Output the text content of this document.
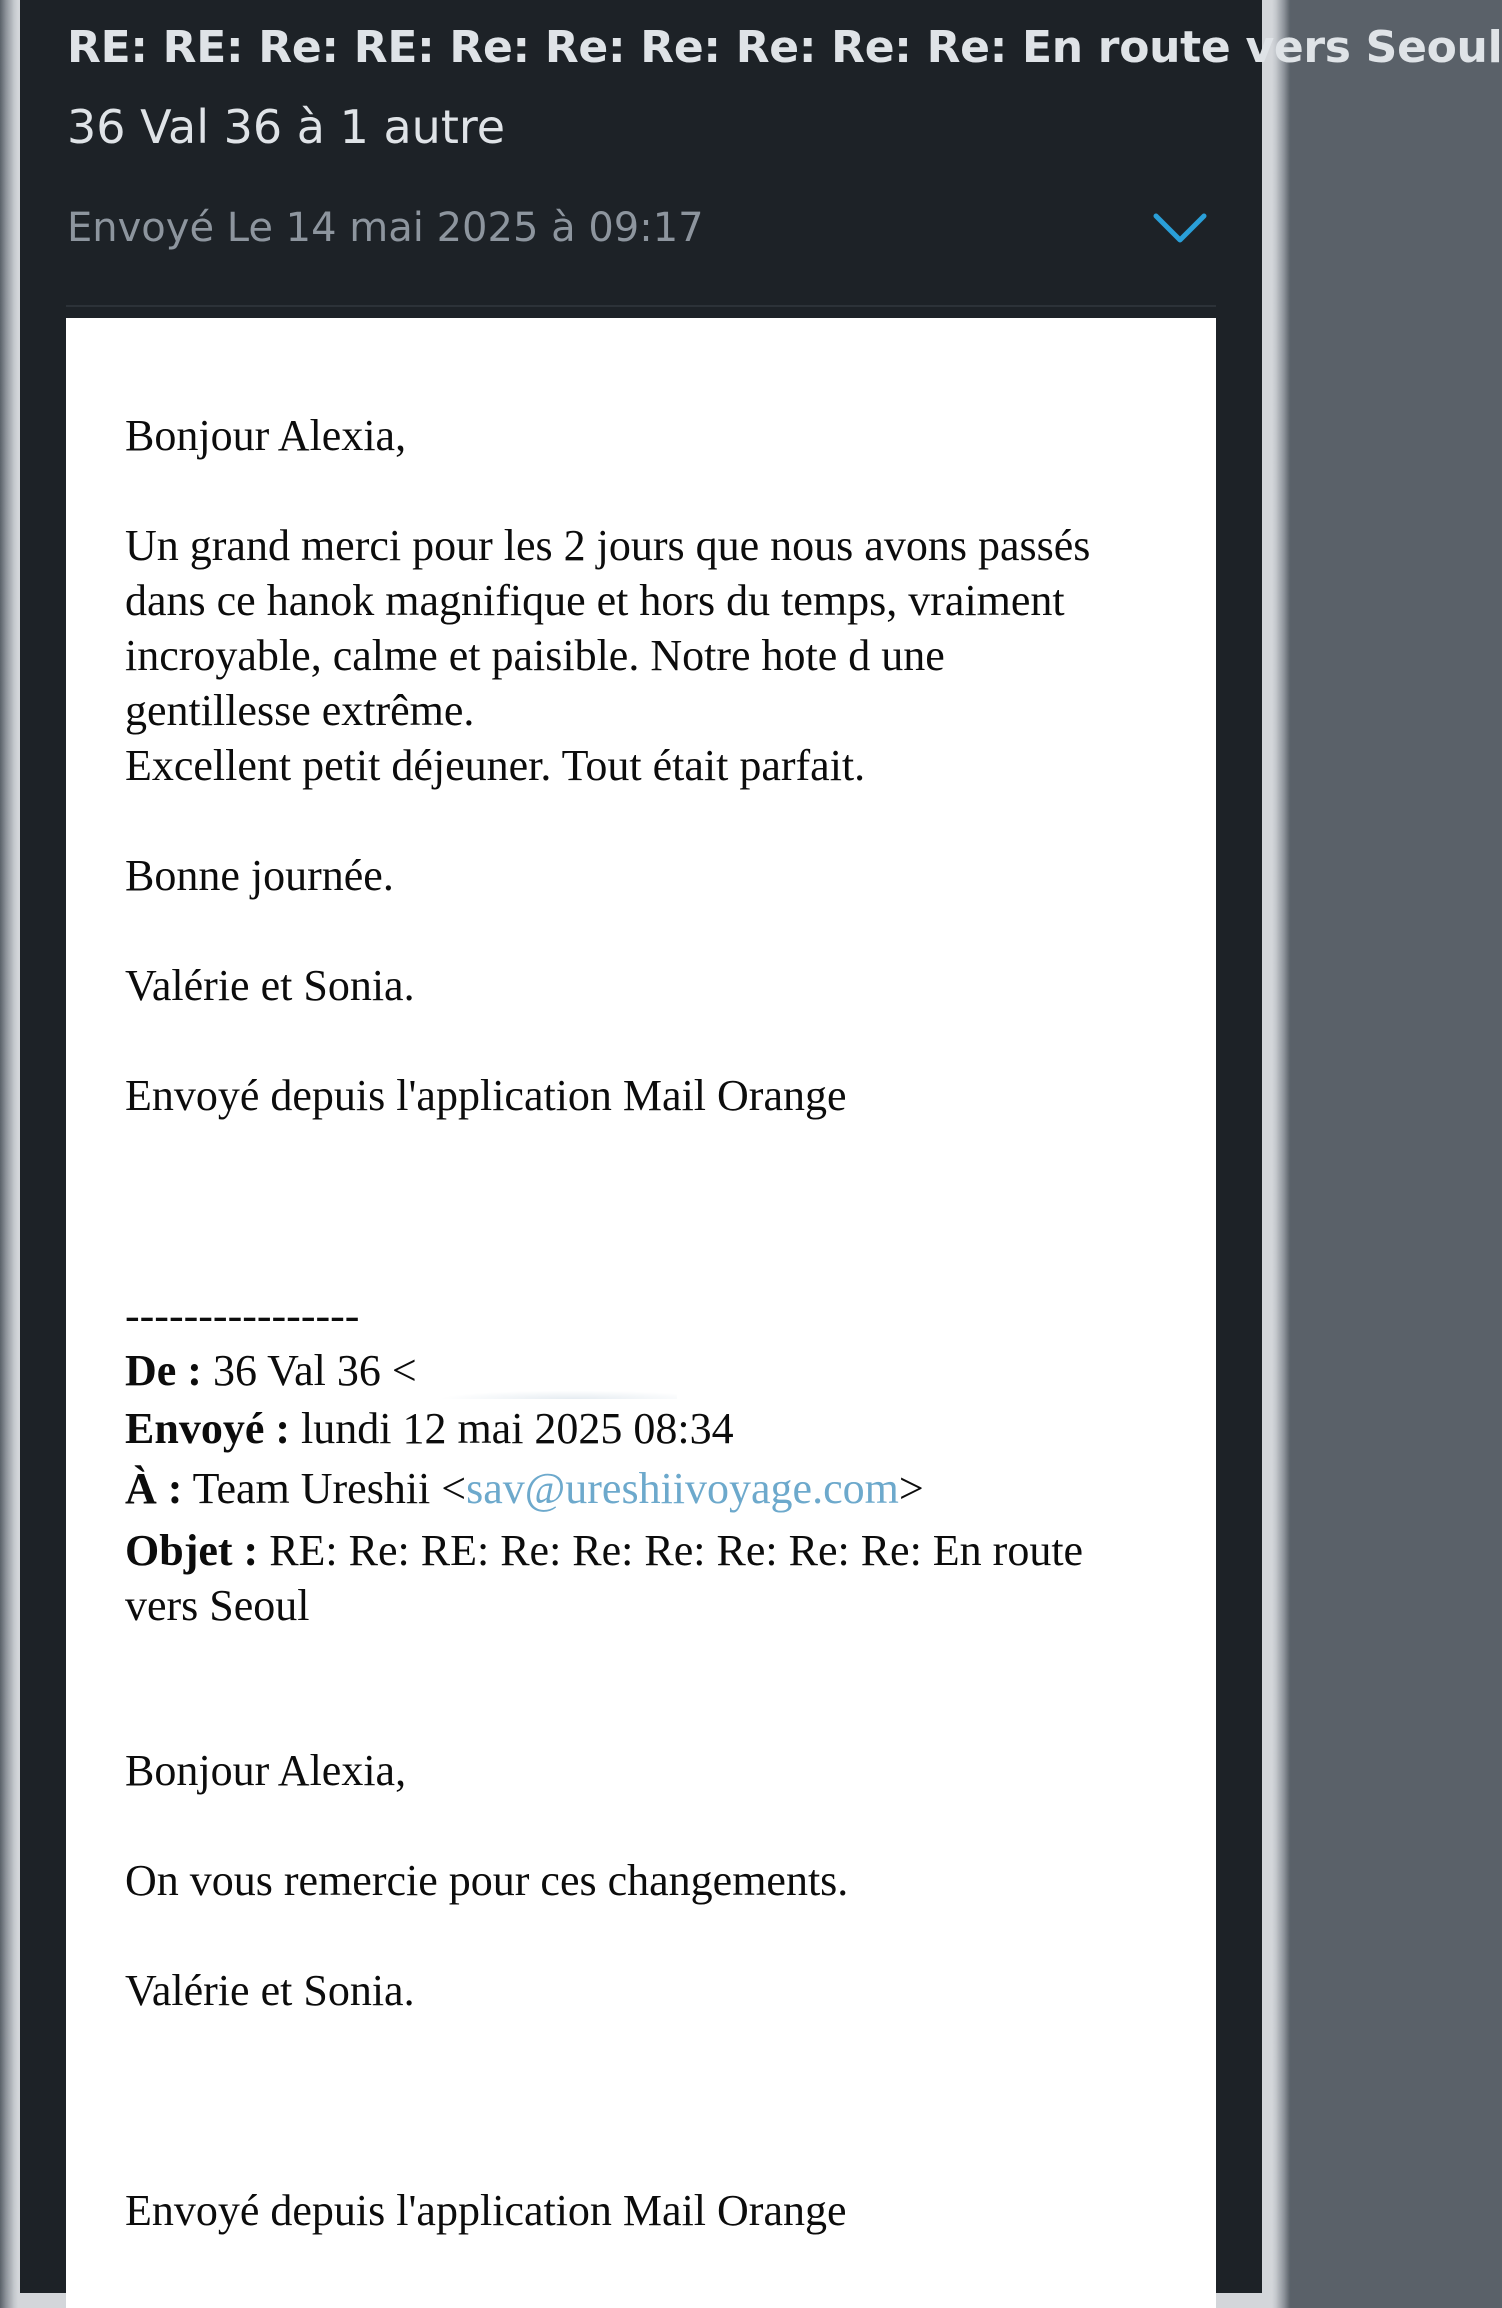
RE: RE: Re: RE: Re: Re: Re: Re: Re: Re: En route vers Seoul
36 Val 36 à 1 autre
Envoyé Le 14 mai 2025 à 09:17

Bonjour Alexia,

Un grand merci pour les 2 jours que nous avons passés

dans ce hanok magnifique et hors du temps, vraiment

incroyable, calme et paisible. Notre hote d une

gentillesse extrême.

Excellent petit déjeuner. Tout était parfait.

Bonne journée.

Valérie et Sonia.

Envoyé depuis l'application Mail Orange

----------------

De : 36 Val 36 <

Envoyé : lundi 12 mai 2025 08:34

À : Team Ureshii <sav@ureshiivoyage.com>

Objet : RE: Re: RE: Re: Re: Re: Re: Re: Re: En route

vers Seoul

Bonjour Alexia,

On vous remercie pour ces changements.

Valérie et Sonia.

Envoyé depuis l'application Mail Orange
